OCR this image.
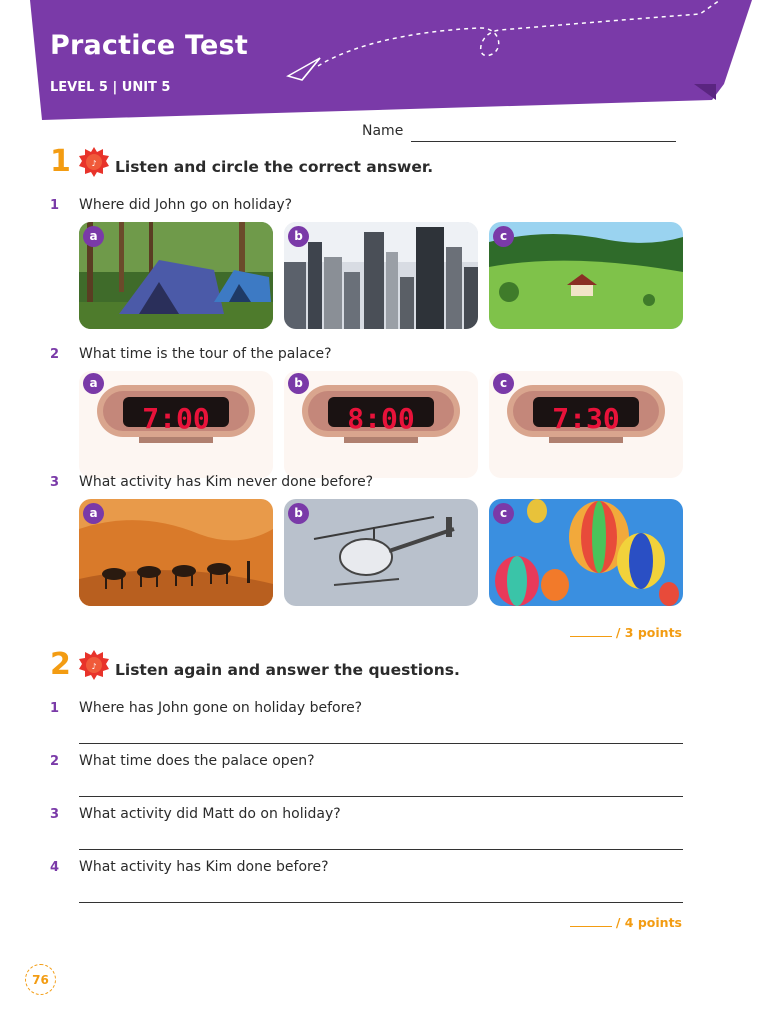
Practice Test
LEVEL 5 | UNIT 5
Name
1	♪ Listen and circle the correct answer.
1 Where did John go on holiday?
a	b	c
2 What time is the tour of the palace?
7:00
a
8:00
b
7:30
c
3 What activity has Kim never done before?
a	b	c
/ 3 points
2	♪ Listen again and answer the questions.
1 Where has John gone on holiday before?
2 What time does the palace open?
3 What activity did Matt do on holiday?
4 What activity has Kim done before?
/ 4 points
76
